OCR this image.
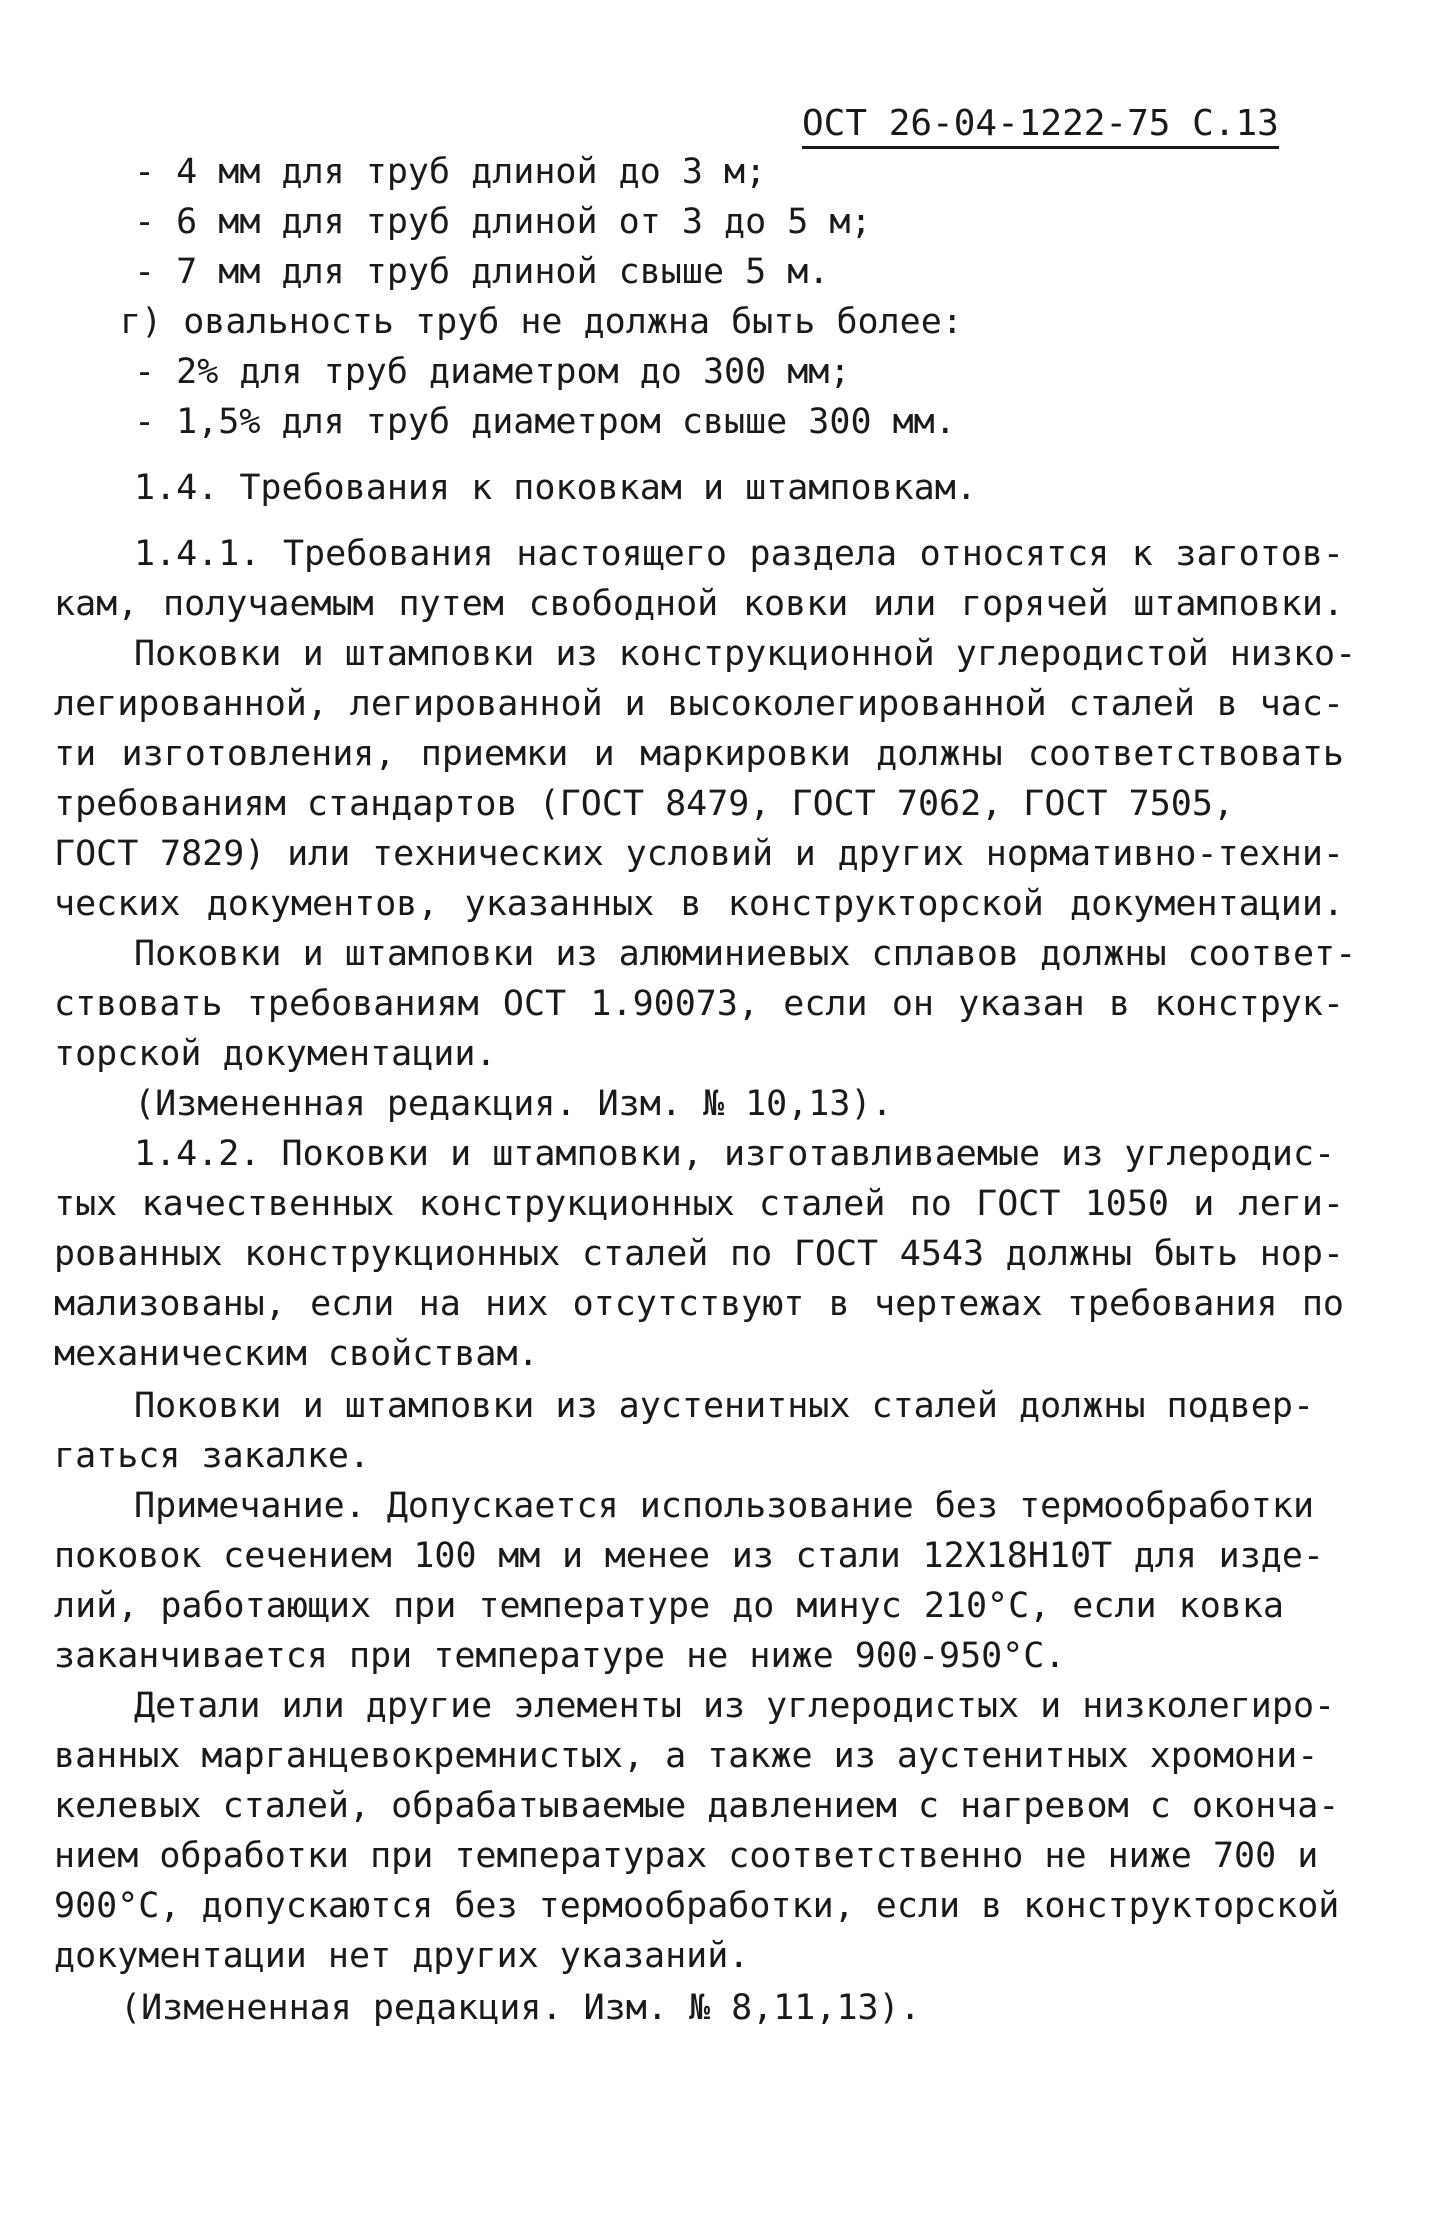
ОСТ 26-04-1222-75 С.13
- 4 мм для труб длиной до 3 м;
- 6 мм для труб длиной от 3 до 5 м;
- 7 мм для труб длиной свыше 5 м.
г) овальность труб не должна быть более:
- 2% для труб диаметром до 300 мм;
- 1,5% для труб диаметром свыше 300 мм.
1.4. Требования к поковкам и штамповкам.
1.4.1. Требования настоящего раздела относятся к заготов-
кам, получаемым путем свободной ковки или горячей штамповки.
Поковки и штамповки из конструкционной углеродистой низко-
легированной, легированной и высоколегированной сталей в час-
ти изготовления, приемки и маркировки должны соответствовать
требованиям стандартов (ГОСТ 8479, ГОСТ 7062, ГОСТ 7505,
ГОСТ 7829) или технических условий и других нормативно-техни-
ческих документов, указанных в конструкторской документации.
Поковки и штамповки из алюминиевых сплавов должны соответ-
ствовать требованиям ОСТ 1.90073, если он указан в конструк-
торской документации.
(Измененная редакция. Изм. № 10,13).
1.4.2. Поковки и штамповки, изготавливаемые из углеродис-
тых качественных конструкционных сталей по ГОСТ 1050 и леги-
рованных конструкционных сталей по ГОСТ 4543 должны быть нор-
мализованы, если на них отсутствуют в чертежах требования по
механическим свойствам.
Поковки и штамповки из аустенитных сталей должны подвер-
гаться закалке.
Примечание. Допускается использование без термообработки
поковок сечением 100 мм и менее из стали 12Х18Н10Т для изде-
лий, работающих при температуре до минус 210°С, если ковка
заканчивается при температуре не ниже 900-950°С.
Детали или другие элементы из углеродистых и низколегиро-
ванных марганцевокремнистых, а также из аустенитных хромони-
келевых сталей, обрабатываемые давлением с нагревом с оконча-
нием обработки при температурах соответственно не ниже 700 и
900°С, допускаются без термообработки, если в конструкторской
документации нет других указаний.
(Измененная редакция. Изм. № 8,11,13).
